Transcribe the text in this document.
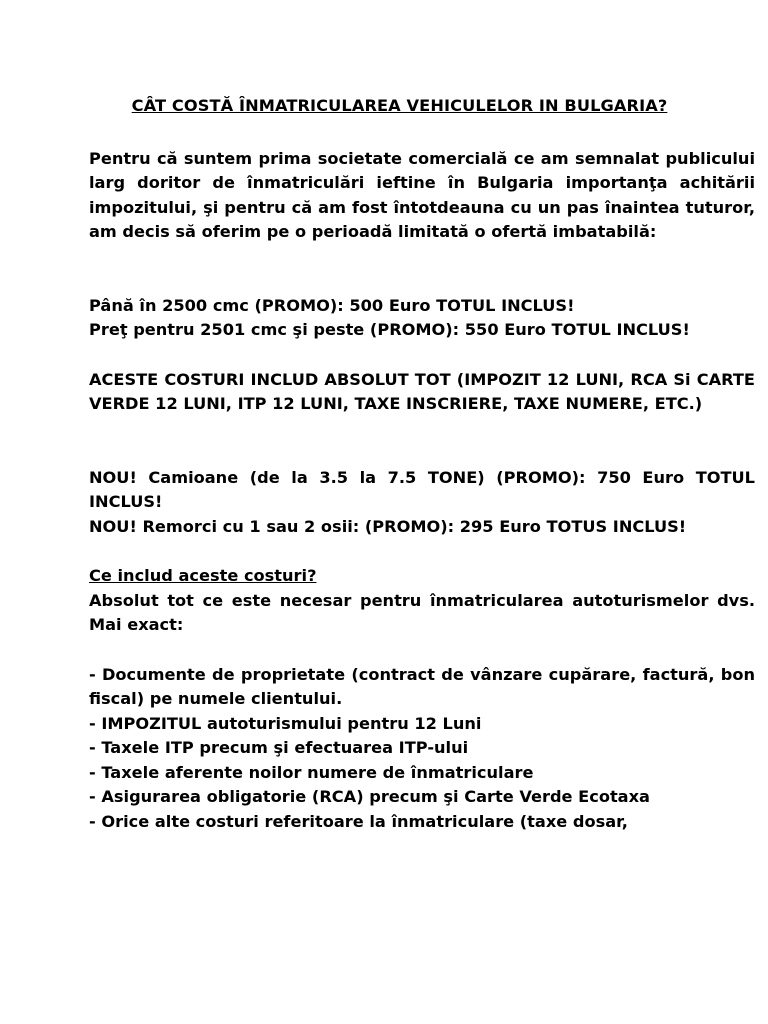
CÂT COSTĂ ÎNMATRICULAREA VEHICULELOR IN BULGARIA?

Pentru că suntem prima societate comercială ce am semnalat publicului larg doritor de înmatriculări ieftine în Bulgaria importanţa achitării impozitului, şi pentru că am fost întotdeauna cu un pas înaintea tuturor, am decis să oferim pe o perioadă limitată o ofertă imbatabilă:

Până în 2500 cmc (PROMO): 500 Euro TOTUL INCLUS!

Preţ pentru 2501 cmc şi peste (PROMO): 550 Euro TOTUL INCLUS!

ACESTE COSTURI INCLUD ABSOLUT TOT (IMPOZIT 12 LUNI, RCA Si CARTE VERDE 12 LUNI, ITP 12 LUNI, TAXE INSCRIERE, TAXE NUMERE, ETC.)

NOU! Camioane (de la 3.5 la 7.5 TONE) (PROMO): 750 Euro TOTUL INCLUS!

NOU! Remorci cu 1 sau 2 osii: (PROMO): 295 Euro TOTUS INCLUS!

Ce includ aceste costuri?

Absolut tot ce este necesar pentru înmatricularea autoturismelor dvs. Mai exact:

- Documente de proprietate (contract de vânzare cupărare, factură, bon fiscal) pe numele clientului.
- IMPOZITUL autoturismului pentru 12 Luni
- Taxele ITP precum şi efectuarea ITP-ului
- Taxele aferente noilor numere de înmatriculare
- Asigurarea obligatorie (RCA) precum şi Carte Verde Ecotaxa
- Orice alte costuri referitoare la înmatriculare (taxe dosar,
